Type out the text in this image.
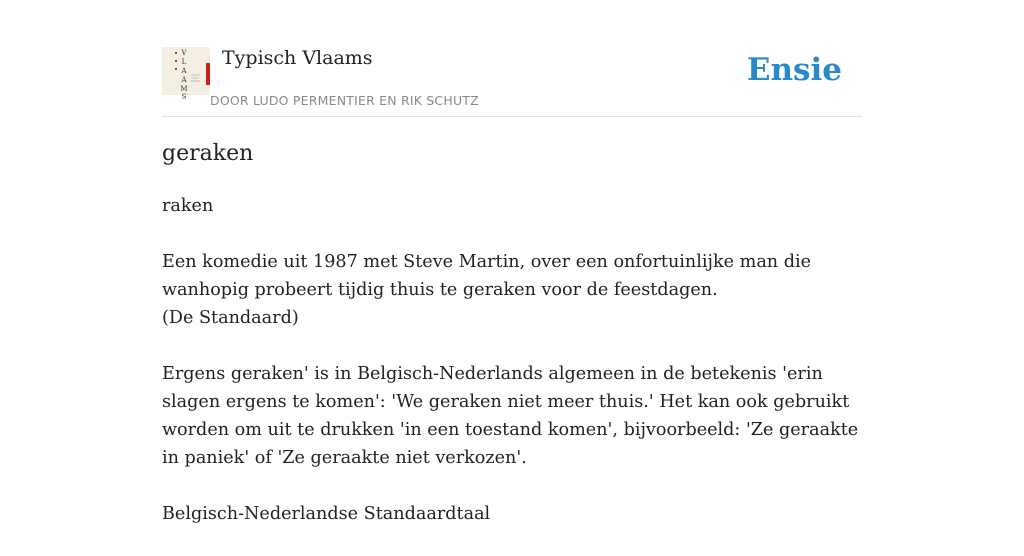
V
L
A
A
M
S
Typisch Vlaams
DOOR LUDO PERMENTIER EN RIK SCHUTZ
Ensie
geraken

raken

Een komedie uit 1987 met Steve Martin, over een onfortuinlijke man die wanhopig probeert tijdig thuis te geraken voor de feestdagen.
(De Standaard)

Ergens geraken' is in Belgisch-Nederlands algemeen in de betekenis 'erin slagen ergens te komen': 'We geraken niet meer thuis.' Het kan ook gebruikt worden om uit te drukken 'in een toestand komen', bijvoorbeeld: 'Ze geraakte in paniek' of 'Ze geraakte niet verkozen'.

Belgisch-Nederlandse Standaardtaal
